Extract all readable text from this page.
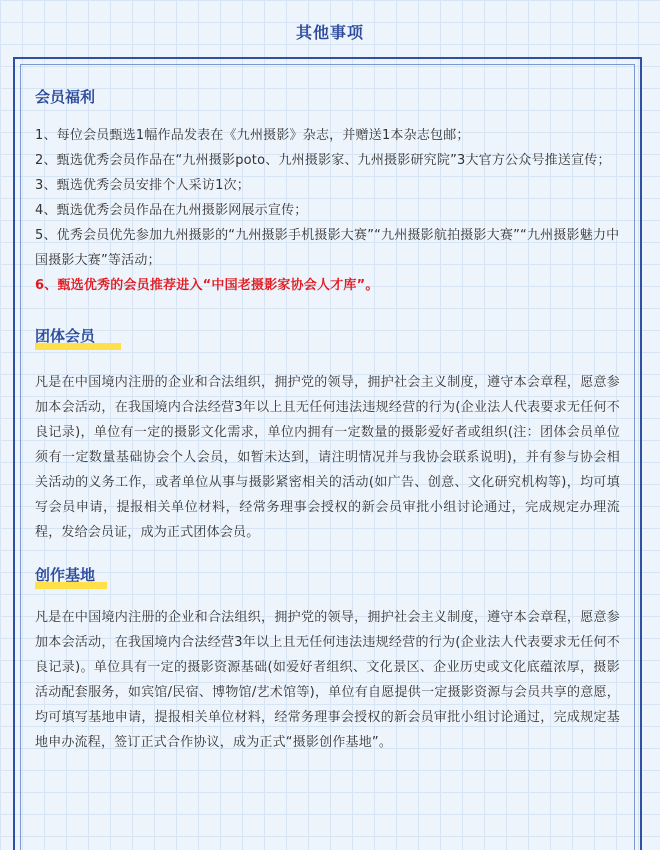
其他事项
会员福利
1、每位会员甄选1幅作品发表在《九州摄影》杂志，并赠送1本杂志包邮；
2、甄选优秀会员作品在“九州摄影poto、九州摄影家、九州摄影研究院”3大官方公众号推送宣传；
3、甄选优秀会员安排个人采访1次；
4、甄选优秀会员作品在九州摄影网展示宣传；
5、优秀会员优先参加九州摄影的“九州摄影手机摄影大赛”“九州摄影航拍摄影大赛”“九州摄影魅力中国摄影大赛”等活动；
6、甄选优秀的会员推荐进入“中国老摄影家协会人才库”。
团体会员

凡是在中国境内注册的企业和合法组织，拥护党的领导，拥护社会主义制度，遵守本会章程，愿意参加本会活动，在我国境内合法经营3年以上且无任何违法违规经营的行为(企业法人代表要求无任何不良记录)，单位有一定的摄影文化需求，单位内拥有一定数量的摄影爱好者或组织(注：团体会员单位须有一定数量基础协会个人会员，如暂未达到，请注明情况并与我协会联系说明)，并有参与协会相关活动的义务工作，或者单位从事与摄影紧密相关的活动(如广告、创意、文化研究机构等)，均可填写会员申请，提报相关单位材料，经常务理事会授权的新会员审批小组讨论通过，完成规定办理流程，发给会员证，成为正式团体会员。

创作基地

凡是在中国境内注册的企业和合法组织，拥护党的领导，拥护社会主义制度，遵守本会章程，愿意参加本会活动，在我国境内合法经营3年以上且无任何违法违规经营的行为(企业法人代表要求无任何不良记录)。单位具有一定的摄影资源基础(如爱好者组织、文化景区、企业历史或文化底蕴浓厚，摄影活动配套服务，如宾馆/民宿、博物馆/艺术馆等)，单位有自愿提供一定摄影资源与会员共享的意愿，均可填写基地申请，提报相关单位材料，经常务理事会授权的新会员审批小组讨论通过，完成规定基地申办流程，签订正式合作协议，成为正式“摄影创作基地”。
